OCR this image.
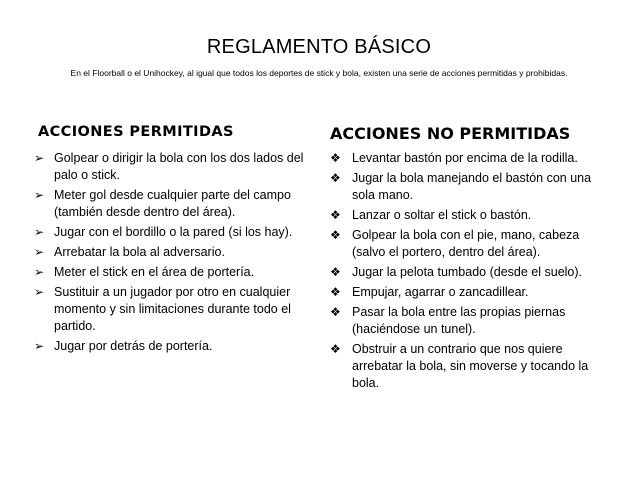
REGLAMENTO BÁSICO
En el Floorball o el Unihockey, al igual que todos los deportes de stick y bola, existen una serie de acciones permitidas y prohibidas.
ACCIONES PERMITIDAS
➢ Golpear o dirigir la bola con los dos lados del palo o stick.
➢ Meter gol desde cualquier parte del campo (también desde dentro del área).
➢ Jugar con el bordillo o la pared (si los hay).
➢ Arrebatar la bola al adversario.
➢ Meter el stick en el área de portería.
➢ Sustituir a un jugador por otro en cualquier momento y sin limitaciones durante todo el partido.
➢ Jugar por detrás de portería.
ACCIONES NO PERMITIDAS
❖ Levantar bastón por encima de la rodilla.
❖ Jugar la bola manejando el bastón con una sola mano.
❖ Lanzar o soltar el stick o bastón.
❖ Golpear la bola con el pie, mano, cabeza (salvo el portero, dentro del área).
❖ Jugar la pelota tumbado (desde el suelo).
❖ Empujar, agarrar o zancadillear.
❖ Pasar la bola entre las propias piernas (haciéndose un tunel).
❖ Obstruir a un contrario que nos quiere arrebatar la bola, sin moverse y tocando la bola.
